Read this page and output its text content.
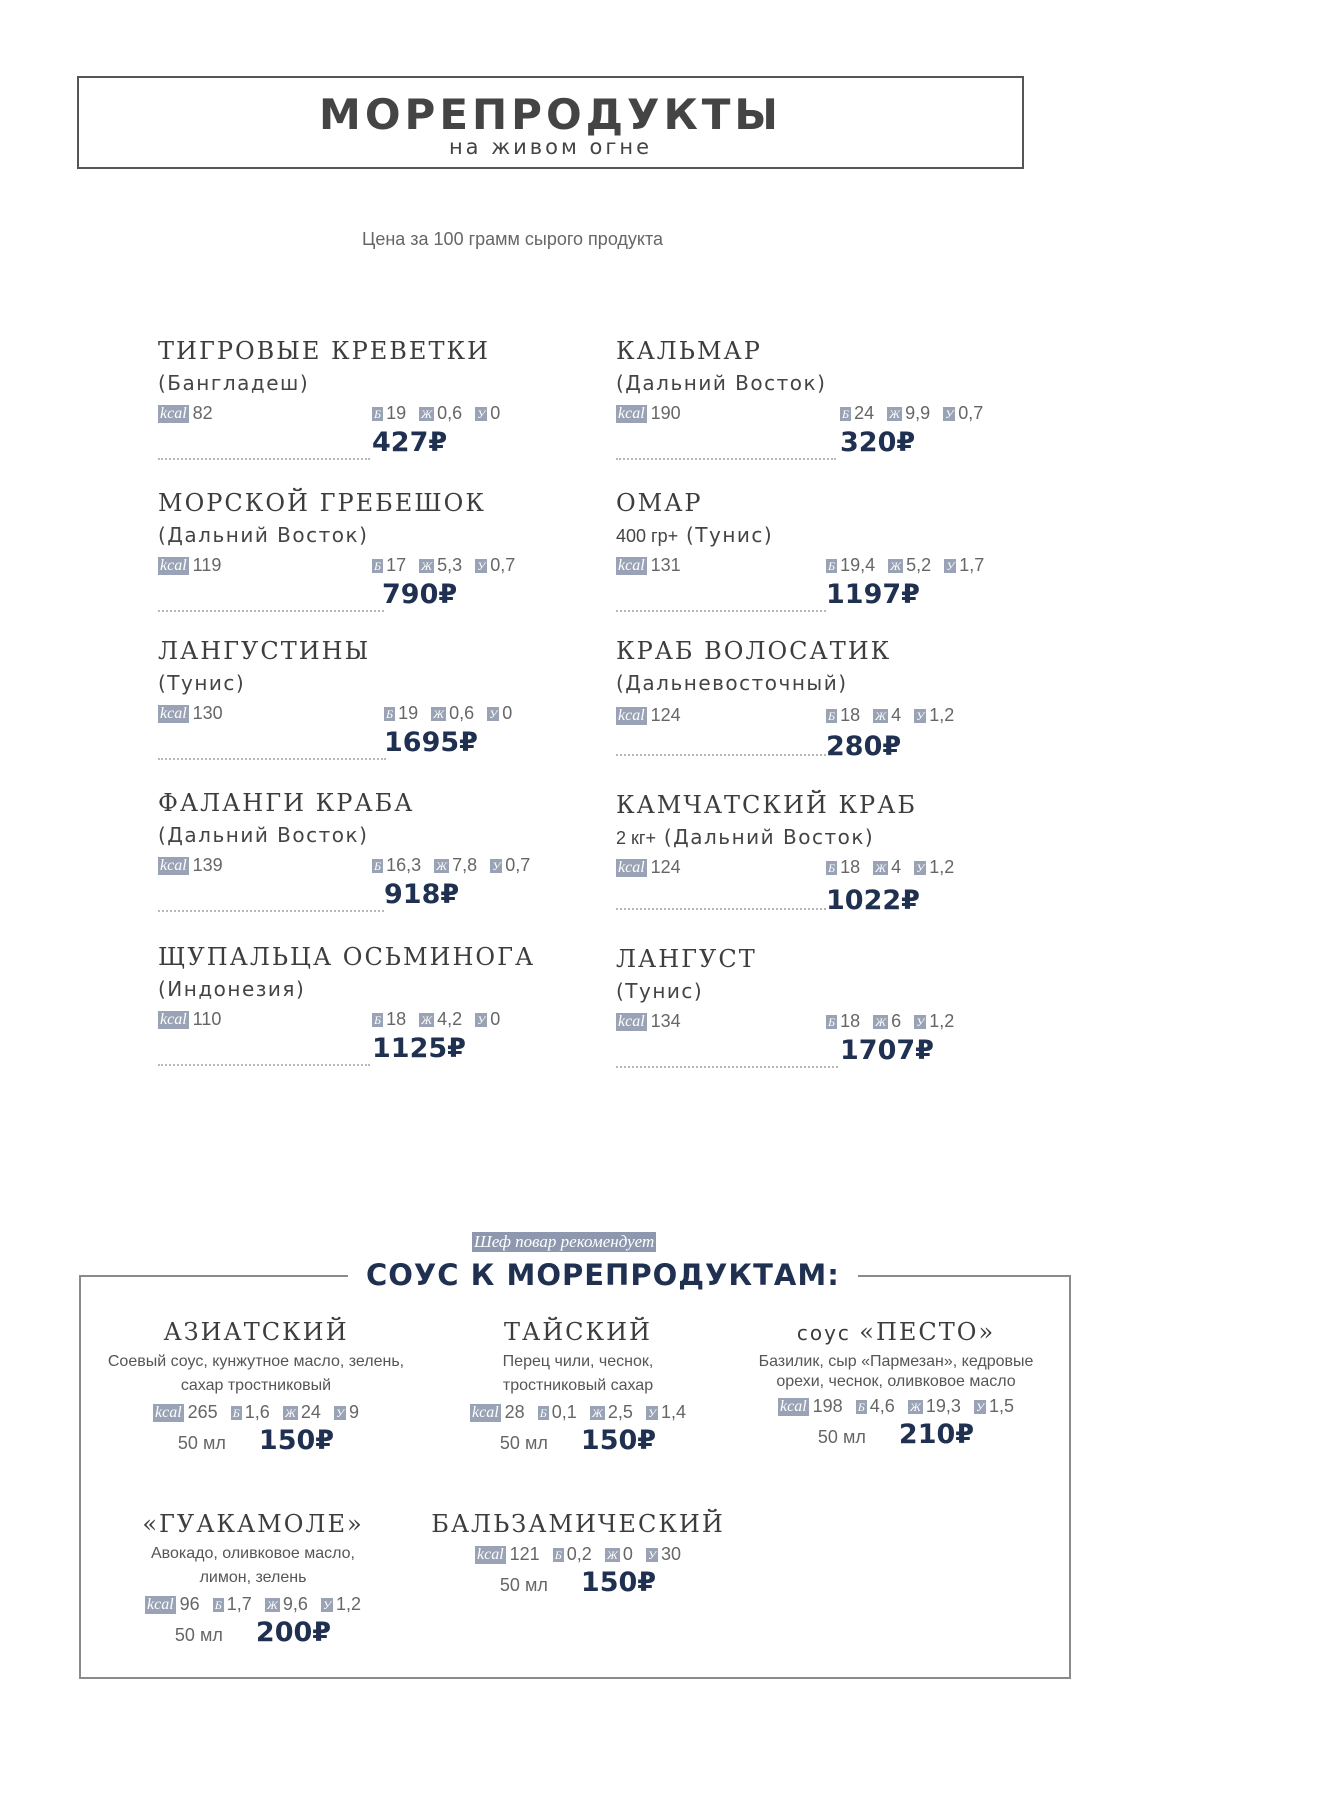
МОРЕПРОДУКТЫ
на живом огне
Цена за 100 грамм сырого продукта
ТИГРОВЫЕ КРЕВЕТКИ
(Бангладеш)
kcal 82	Б 19 Ж 0,6 У 0
427₽
МОРСКОЙ ГРЕБЕШОК
(Дальний Восток)
kcal 119	Б 17 Ж 5,3 У 0,7
790₽
ЛАНГУСТИНЫ
(Тунис)
kcal 130	Б 19 Ж 0,6 У 0
1695₽
ФАЛАНГИ КРАБА
(Дальний Восток)
kcal 139	Б 16,3 Ж 7,8 У 0,7
918₽
ЩУПАЛЬЦА ОСЬМИНОГА
(Индонезия)
kcal 110	Б 18 Ж 4,2 У 0
1125₽
КАЛЬМАР
(Дальний Восток)
kcal 190	Б 24 Ж 9,9 У 0,7
320₽
ОМАР
400 гр+ (Тунис)
kcal 131	Б 19,4 Ж 5,2 У 1,7
1197₽
КРАБ ВОЛОСАТИК
(Дальневосточный)
kcal 124	Б 18 Ж 4 У 1,2
280₽
КАМЧАТСКИЙ КРАБ
2 кг+ (Дальний Восток)
kcal 124	Б 18 Ж 4 У 1,2
1022₽
ЛАНГУСТ
(Тунис)
kcal 134	Б 18 Ж 6 У 1,2
1707₽
Шеф повар рекомендует
СОУС К МОРЕПРОДУКТАМ:
АЗИАТСКИЙ
Соевый соус, кунжутное масло, зелень, сахар тростниковый
kcal 265 Б 1,6 Ж 24 У 9
50 мл 150₽
ТАЙСКИЙ
Перец чили, чеснок, тростниковый сахар
kcal 28 Б 0,1 Ж 2,5 У 1,4
50 мл 150₽
соус «ПЕСТО»
Базилик, сыр «Пармезан», кедровые орехи, чеснок, оливковое масло
kcal 198 Б 4,6 Ж 19,3 У 1,5
50 мл 210₽
«ГУАКАМОЛЕ»
Авокадо, оливковое масло, лимон, зелень
kcal 96 Б 1,7 Ж 9,6 У 1,2
50 мл 200₽
БАЛЬЗАМИЧЕСКИЙ
kcal 121 Б 0,2 Ж 0 У 30
50 мл 150₽
